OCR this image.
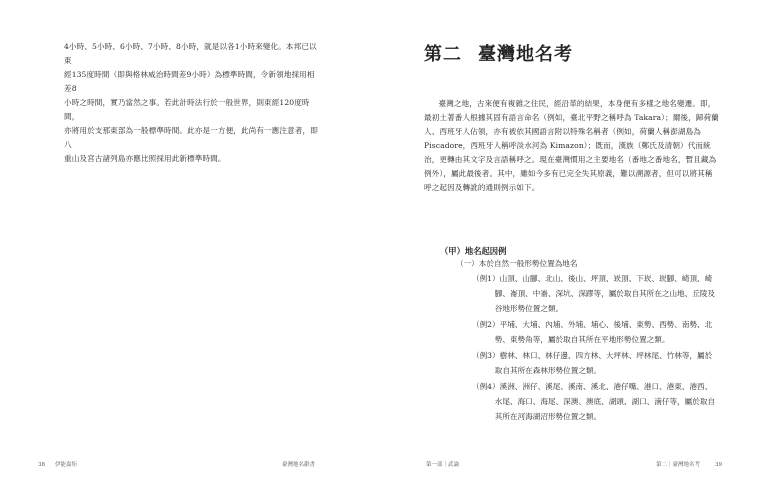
4小時、5小時、6小時、7小時、8小時，就是以各1小時來變化。本邦已以東

經135度時間（即與格林威治時間差9小時）為標準時間，令新領地採用相差8

小時之時間，實乃當然之事。若此計時法行於一般世界，則東經120度時間，

亦將用於支那東部為一般標準時間。此亦是一方便，此尚有一應注意者，即八

重山及宮古諸列島亦應比照採用此新標準時間。

38 伊能嘉矩	臺灣地名辭書
第二 臺灣地名考

臺灣之地，古來便有複雜之住民，經沿革的結果，本身便有多樣之地名變遷。即，最初土著番人根據其固有語言命名（例如，臺北平野之稱呼為 Takara）；爾後，歸荷蘭人、西班牙人佔領，亦有被依其國語言附以特殊名稱者（例如，荷蘭人稱澎湖島為 Piscadore，西班牙人稱呼淡水河為 Kimazon）；既而，漢族（鄭氏及清朝）代而統治，更轉由其文字及言語稱呼之。現在臺灣慣用之主要地名（番地之番地名，暫且藏為例外），屬此最後者。其中，雖如今多有已完全失其原義，難以溯源者，但可以將其稱呼之起因及轉訛的通則例示如下。

（甲）地名起因例
（一）本於自然一般形勢位置為地名

（例1）山頂、山腳、北山、後山、坪頂、崁頂、下崁、崁腳、崎頂、崎腳、崙頂、中崙、深坑、深蹘等，屬於取自其所在之山地、丘陵及谷地形勢位置之類。

（例2）平埔、大埔、內埔、外埔、埔心、後埔、東勢、西勢、南勢、北勢、東勢角等，屬於取自其所在平地形勢位置之類。

（例3）樹林、林口、林仔邊、四方林、大坪林、坪林尾、竹林等，屬於取自其所在森林形勢位置之類。

（例4）溪洲、洲仔、溪尾、溪南、溪北、港仔嘴、港口、港東、港西、水尾、海口、海尾、深澳、澳底、湖頭、湖口、湳仔等，屬於取自其所在河海湖沼形勢位置之類。

第一部｜武論	第二｜臺灣地名考	39
